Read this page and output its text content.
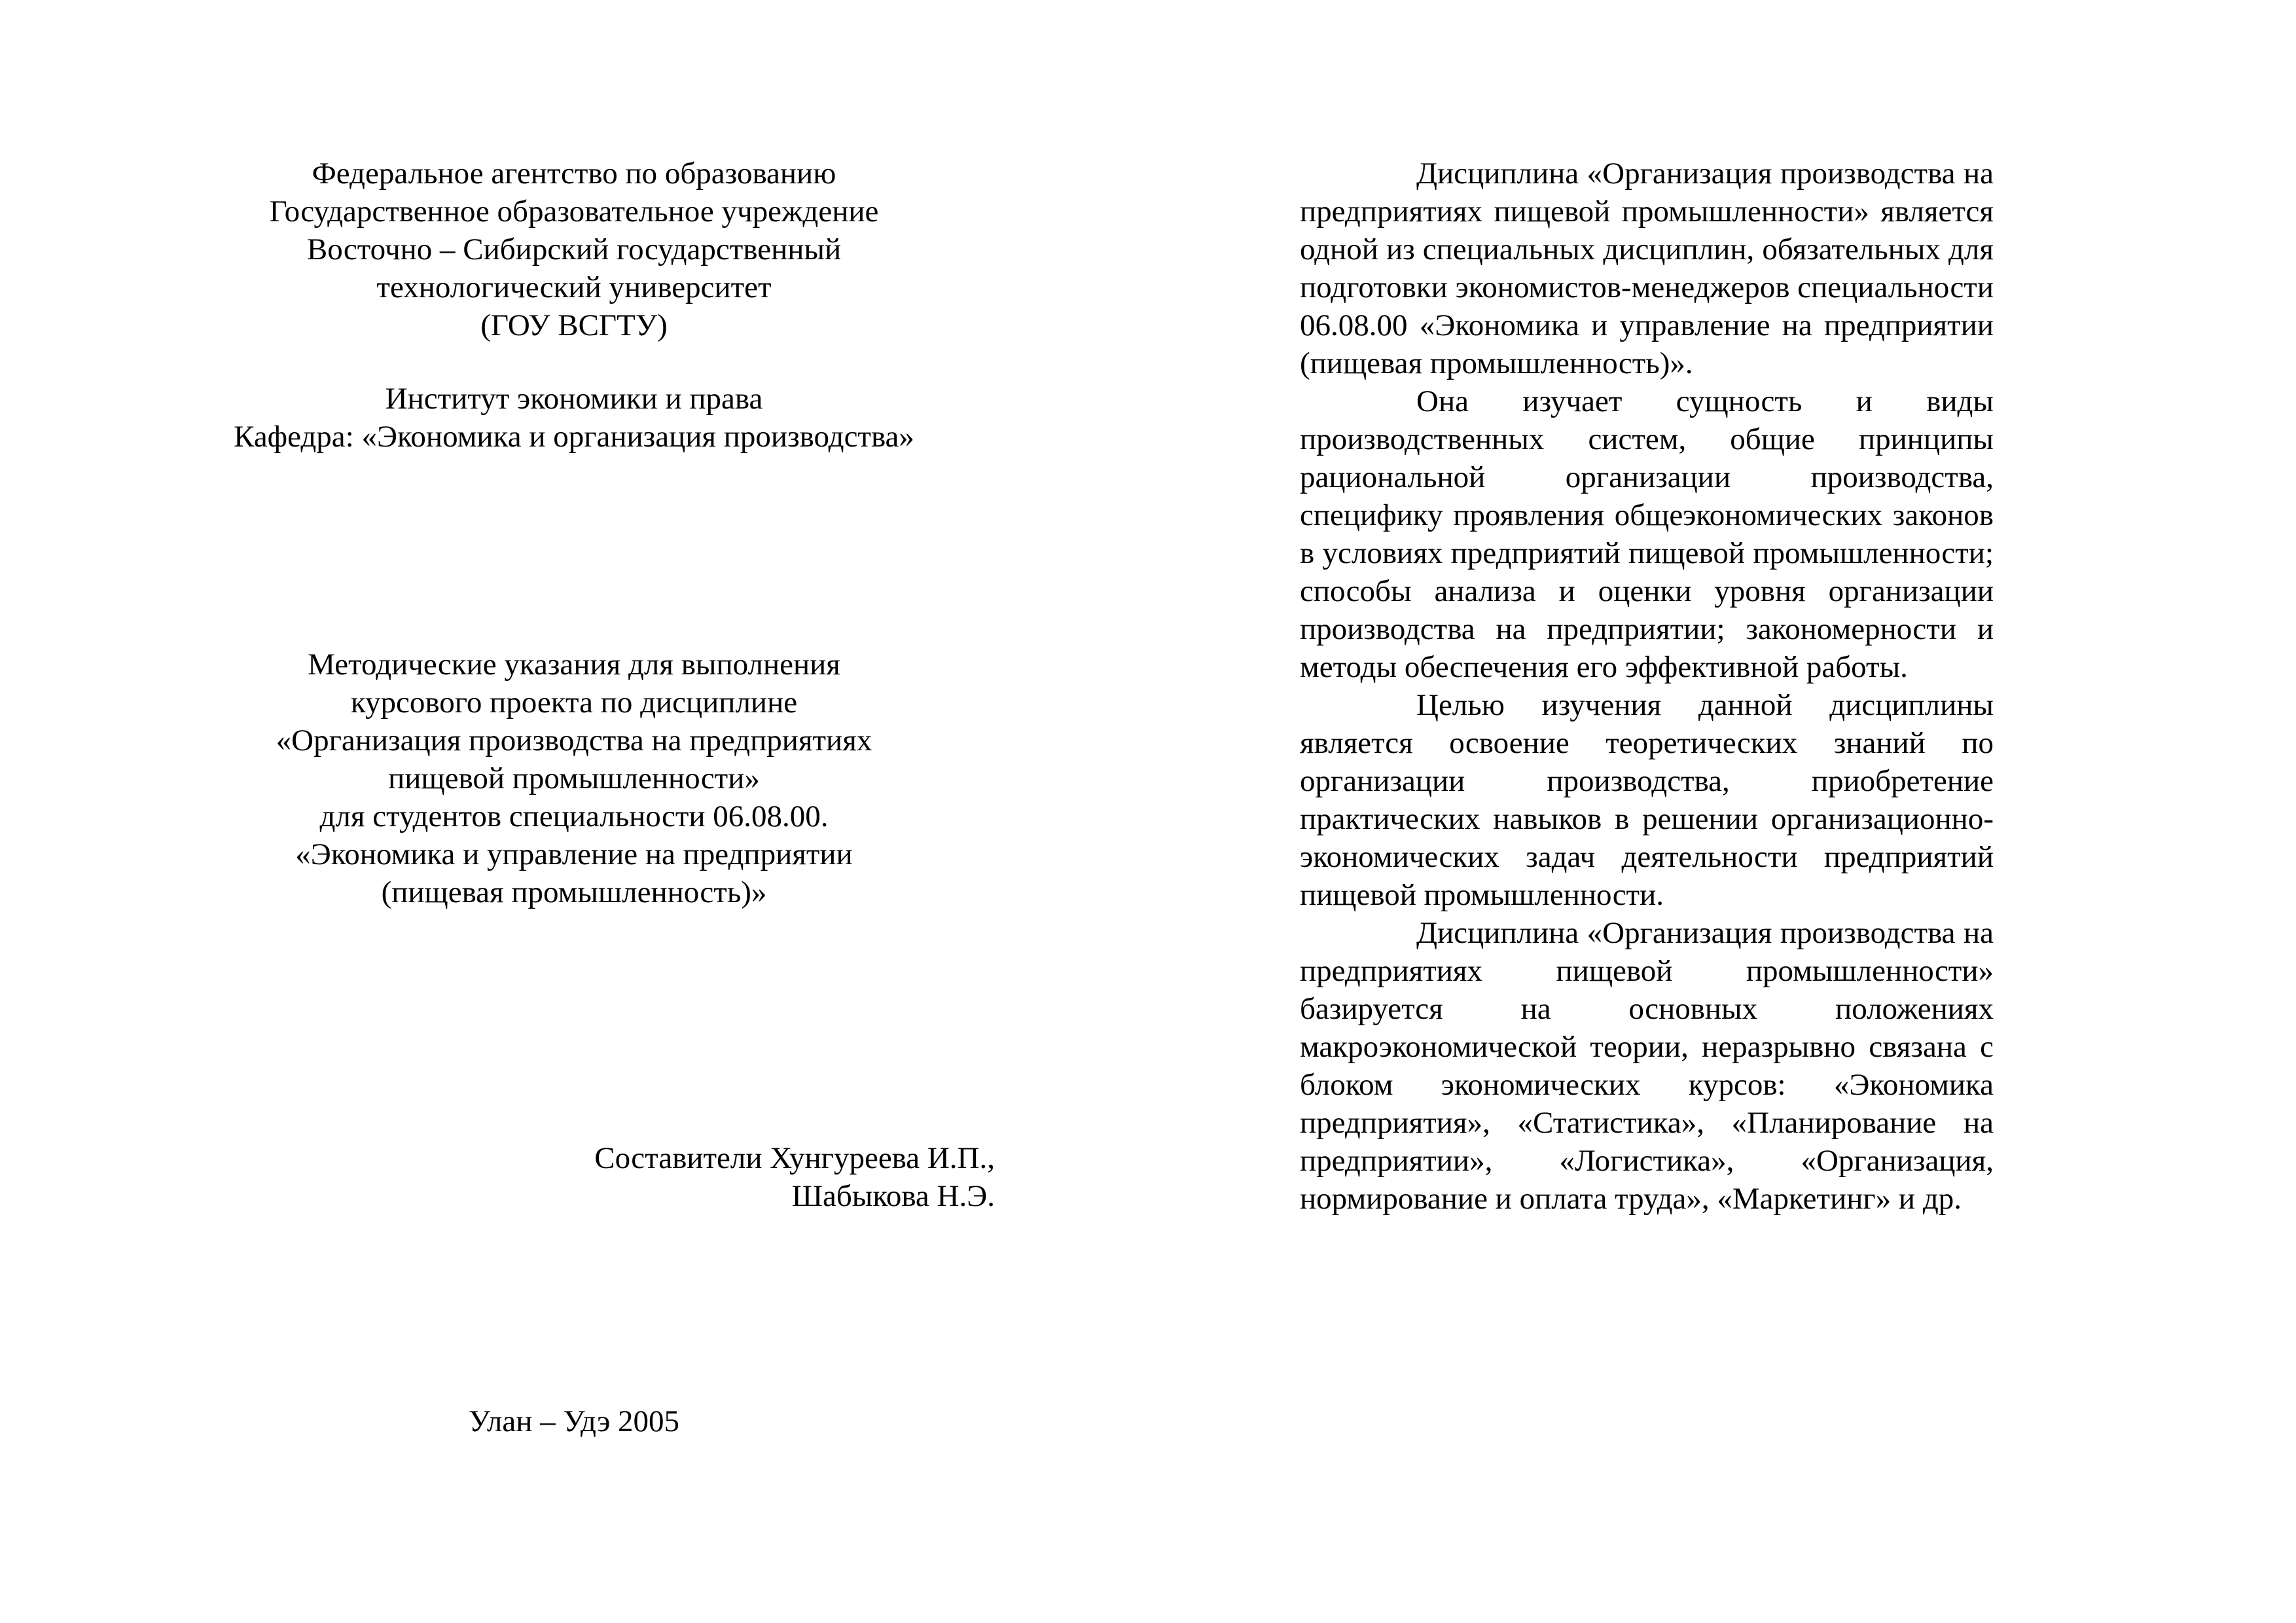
Федеральное агентство по образованию
Государственное образовательное учреждение
Восточно – Сибирский государственный
технологический университет
(ГОУ ВСГТУ)
Институт экономики и права
Кафедра: «Экономика и организация производства»
Методические указания для выполнения
курсового проекта по дисциплине
«Организация производства на предприятиях
пищевой промышленности»
для студентов специальности 06.08.00.
«Экономика и управление на предприятии
(пищевая промышленность)»
Составители Хунгуреева И.П.,
Шабыкова Н.Э.
Улан – Удэ 2005

Дисциплина «Организация производства на предприятиях пищевой промышленности» является одной из специальных дисциплин, обязательных для подготовки экономистов-менеджеров специальности 06.08.00 «Экономика и управление на предприятии (пищевая промышленность)».

Она изучает сущность и виды производственных систем, общие принципы рациональной организации производства, специфику проявления общеэкономических законов в условиях предприятий пищевой промышленности; способы анализа и оценки уровня организации производства на предприятии; закономерности и методы обеспечения его эффективной работы.

Целью изучения данной дисциплины является освоение теоретических знаний по организации производства, приобретение практических навыков в решении организационно-экономических задач деятельности предприятий пищевой промышленности.

Дисциплина «Организация производства на предприятиях пищевой промышленности» базируется на основных положениях макроэкономической теории, неразрывно связана с блоком экономических курсов: «Экономика предприятия», «Статистика», «Планирование на предприятии», «Логистика», «Организация, нормирование и оплата труда», «Маркетинг» и др.
